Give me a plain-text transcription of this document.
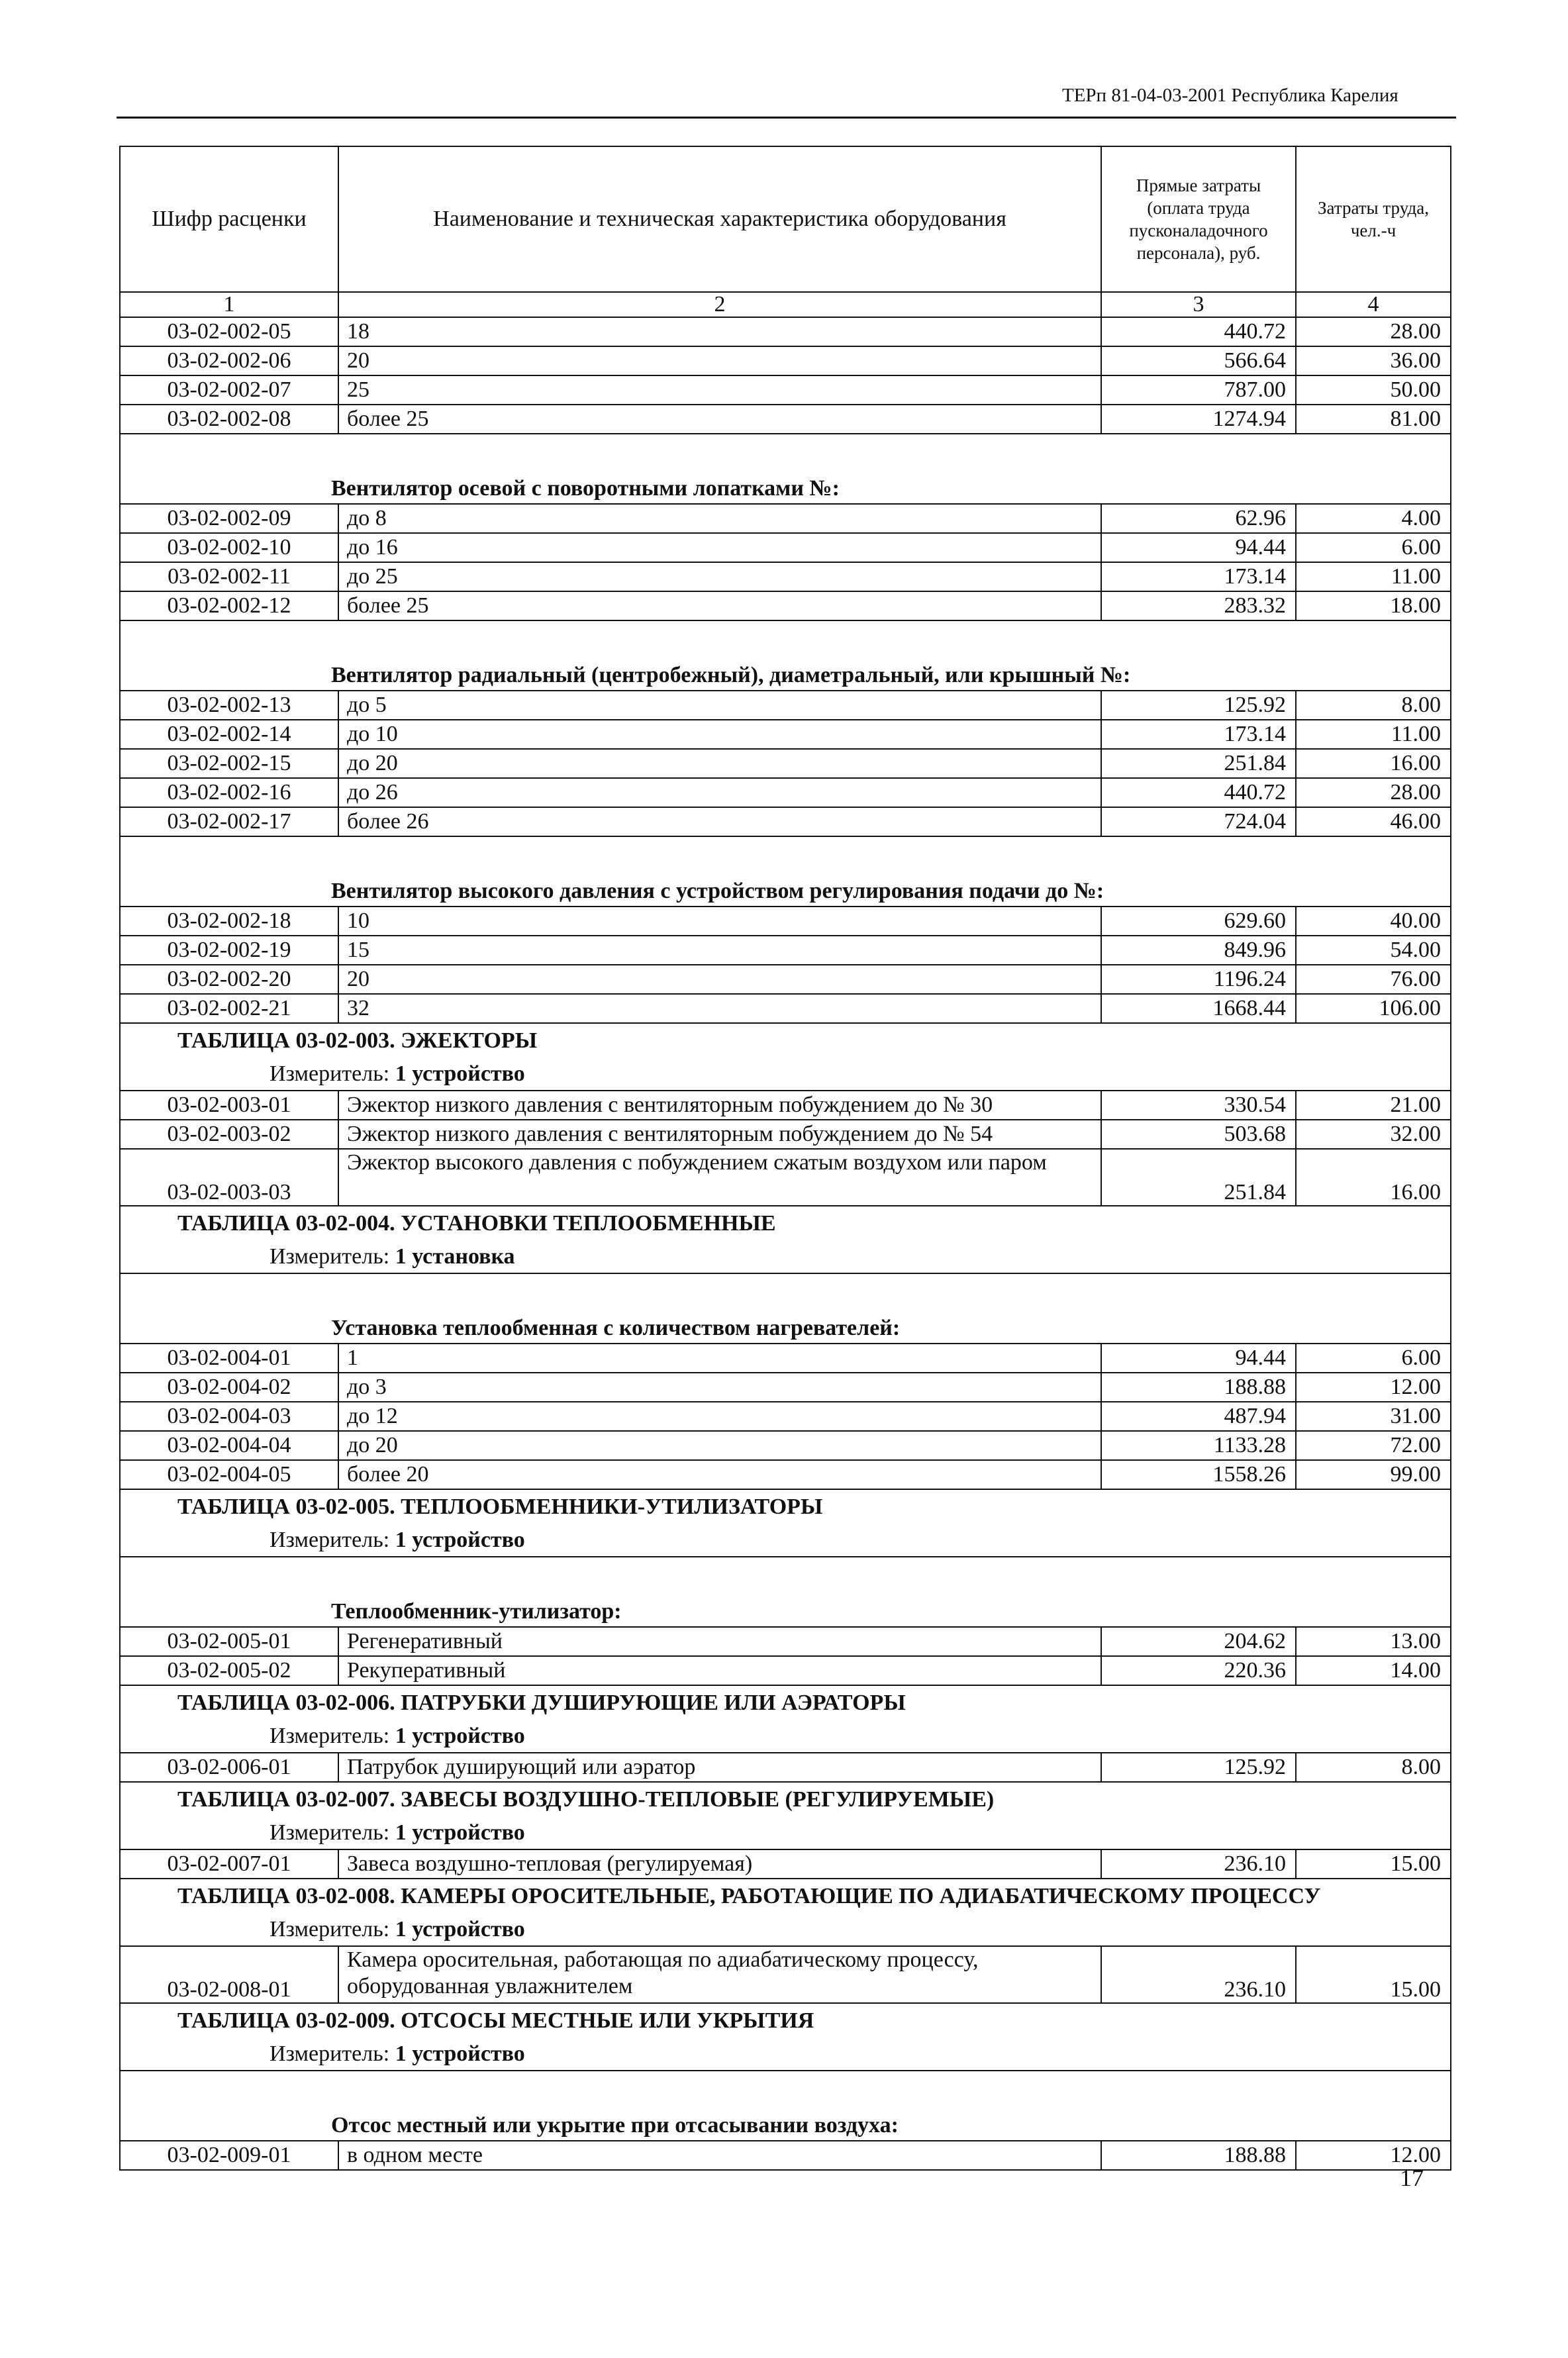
ТЕРп 81-04-03-2001 Республика Карелия
Шифр расценки	Наименование и техническая характеристика оборудования	Прямые затраты (оплата труда пусконаладочного персонала), руб.	Затраты труда, чел.-ч
1	2	3	4
03-02-002-05	18	440.72	28.00
03-02-002-06	20	566.64	36.00
03-02-002-07	25	787.00	50.00
03-02-002-08	более 25	1274.94	81.00
Вентилятор осевой с поворотными лопатками №:			
03-02-002-09	до 8	62.96	4.00
03-02-002-10	до 16	94.44	6.00
03-02-002-11	до 25	173.14	11.00
03-02-002-12	более 25	283.32	18.00
Вентилятор радиальный (центробежный), диаметральный, или крышный №:			
03-02-002-13	до 5	125.92	8.00
03-02-002-14	до 10	173.14	11.00
03-02-002-15	до 20	251.84	16.00
03-02-002-16	до 26	440.72	28.00
03-02-002-17	более 26	724.04	46.00
Вентилятор высокого давления с устройством регулирования подачи до №:			
03-02-002-18	10	629.60	40.00
03-02-002-19	15	849.96	54.00
03-02-002-20	20	1196.24	76.00
03-02-002-21	32	1668.44	106.00
ТАБЛИЦА 03-02-003. ЭЖЕКТОРЫ			
Измеритель: 1 устройство			
03-02-003-01	Эжектор низкого давления с вентиляторным побуждением до № 30	330.54	21.00
03-02-003-02	Эжектор низкого давления с вентиляторным побуждением до № 54	503.68	32.00
03-02-003-03	Эжектор высокого давления с побуждением сжатым воздухом или паром	251.84	16.00
ТАБЛИЦА 03-02-004. УСТАНОВКИ ТЕПЛООБМЕННЫЕ			
Измеритель: 1 установка			
Установка теплообменная с количеством нагревателей:			
03-02-004-01	1	94.44	6.00
03-02-004-02	до 3	188.88	12.00
03-02-004-03	до 12	487.94	31.00
03-02-004-04	до 20	1133.28	72.00
03-02-004-05	более 20	1558.26	99.00
ТАБЛИЦА 03-02-005. ТЕПЛООБМЕННИКИ-УТИЛИЗАТОРЫ			
Измеритель: 1 устройство			
Теплообменник-утилизатор:			
03-02-005-01	Регенеративный	204.62	13.00
03-02-005-02	Рекуперативный	220.36	14.00
ТАБЛИЦА 03-02-006. ПАТРУБКИ ДУШИРУЮЩИЕ ИЛИ АЭРАТОРЫ			
Измеритель: 1 устройство			
03-02-006-01	Патрубок душирующий или аэратор	125.92	8.00
ТАБЛИЦА 03-02-007. ЗАВЕСЫ ВОЗДУШНО-ТЕПЛОВЫЕ (РЕГУЛИРУЕМЫЕ)			
Измеритель: 1 устройство			
03-02-007-01	Завеса воздушно-тепловая (регулируемая)	236.10	15.00
ТАБЛИЦА 03-02-008. КАМЕРЫ ОРОСИТЕЛЬНЫЕ, РАБОТАЮЩИЕ ПО АДИАБАТИЧЕСКОМУ ПРОЦЕССУ			
Измеритель: 1 устройство			
03-02-008-01	Камера оросительная, работающая по адиабатическому процессу, оборудованная увлажнителем	236.10	15.00
ТАБЛИЦА 03-02-009. ОТСОСЫ МЕСТНЫЕ ИЛИ УКРЫТИЯ			
Измеритель: 1 устройство			
Отсос местный или укрытие при отсасывании воздуха:			
03-02-009-01	в одном месте	188.88	12.00
17
